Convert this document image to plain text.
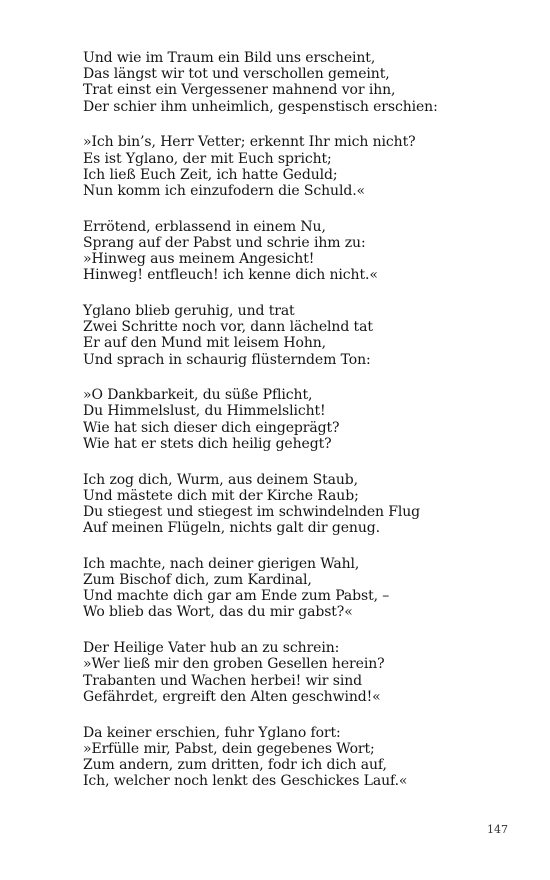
Und wie im Traum ein Bild uns erscheint,
Das längst wir tot und verschollen gemeint,
Trat einst ein Vergessener mahnend vor ihn,
Der schier ihm unheimlich, gespenstisch erschien:
»Ich bin’s, Herr Vetter; erkennt Ihr mich nicht?
Es ist Yglano, der mit Euch spricht;
Ich ließ Euch Zeit, ich hatte Geduld;
Nun komm ich einzufodern die Schuld.«
Errötend, erblassend in einem Nu,
Sprang auf der Pabst und schrie ihm zu:
»Hinweg aus meinem Angesicht!
Hinweg! entfleuch! ich kenne dich nicht.«
Yglano blieb geruhig, und trat
Zwei Schritte noch vor, dann lächelnd tat
Er auf den Mund mit leisem Hohn,
Und sprach in schaurig flüsterndem Ton:
»O Dankbarkeit, du süße Pflicht,
Du Himmelslust, du Himmelslicht!
Wie hat sich dieser dich eingeprägt?
Wie hat er stets dich heilig gehegt?
Ich zog dich, Wurm, aus deinem Staub,
Und mästete dich mit der Kirche Raub;
Du stiegest und stiegest im schwindelnden Flug
Auf meinen Flügeln, nichts galt dir genug.
Ich machte, nach deiner gierigen Wahl,
Zum Bischof dich, zum Kardinal,
Und machte dich gar am Ende zum Pabst, –
Wo blieb das Wort, das du mir gabst?«
Der Heilige Vater hub an zu schrein:
»Wer ließ mir den groben Gesellen herein?
Trabanten und Wachen herbei! wir sind
Gefährdet, ergreift den Alten geschwind!«
Da keiner erschien, fuhr Yglano fort:
»Erfülle mir, Pabst, dein gegebenes Wort;
Zum andern, zum dritten, fodr ich dich auf,
Ich, welcher noch lenkt des Geschickes Lauf.«
147
